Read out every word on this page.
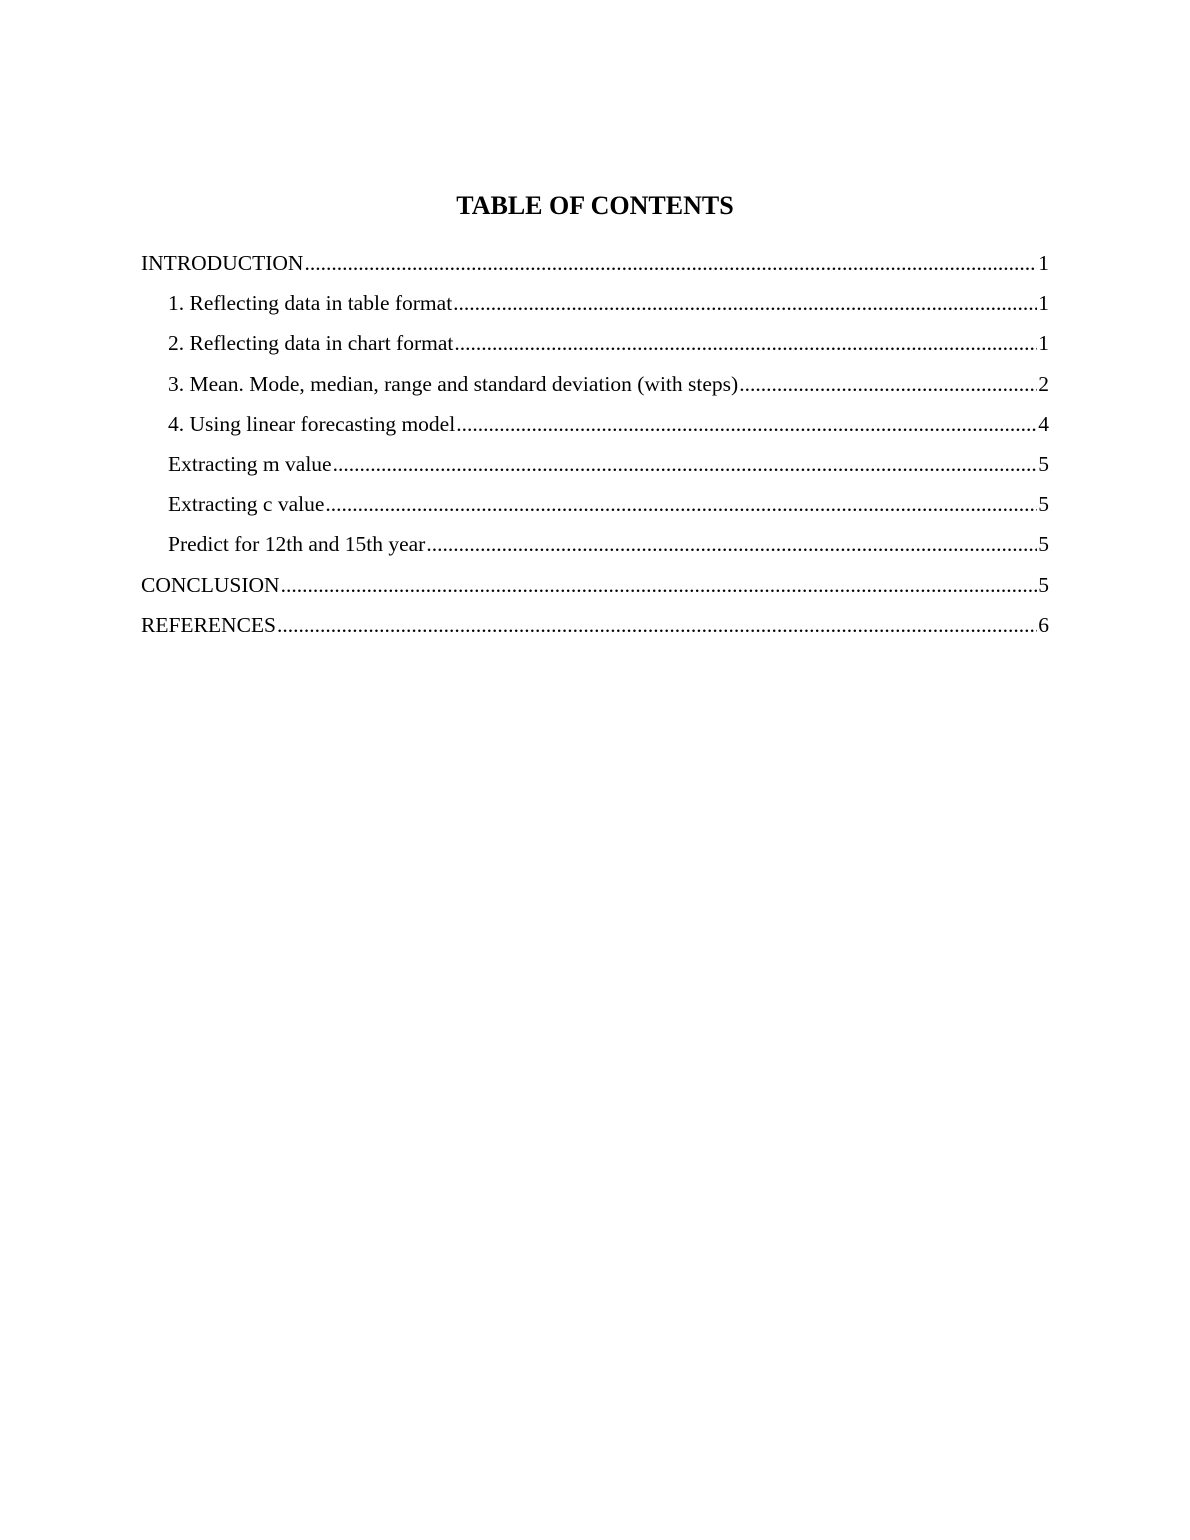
TABLE OF CONTENTS
INTRODUCTION .....	1
1. Reflecting data in table format .....	1
2. Reflecting data in chart format .....	1
3. Mean. Mode, median, range and standard deviation (with steps) .....	2
4. Using linear forecasting model .....	4
Extracting m value .....	5
Extracting c value .....	5
Predict for 12th and 15th year .....	5
CONCLUSION .....	5
REFERENCES .....	6
